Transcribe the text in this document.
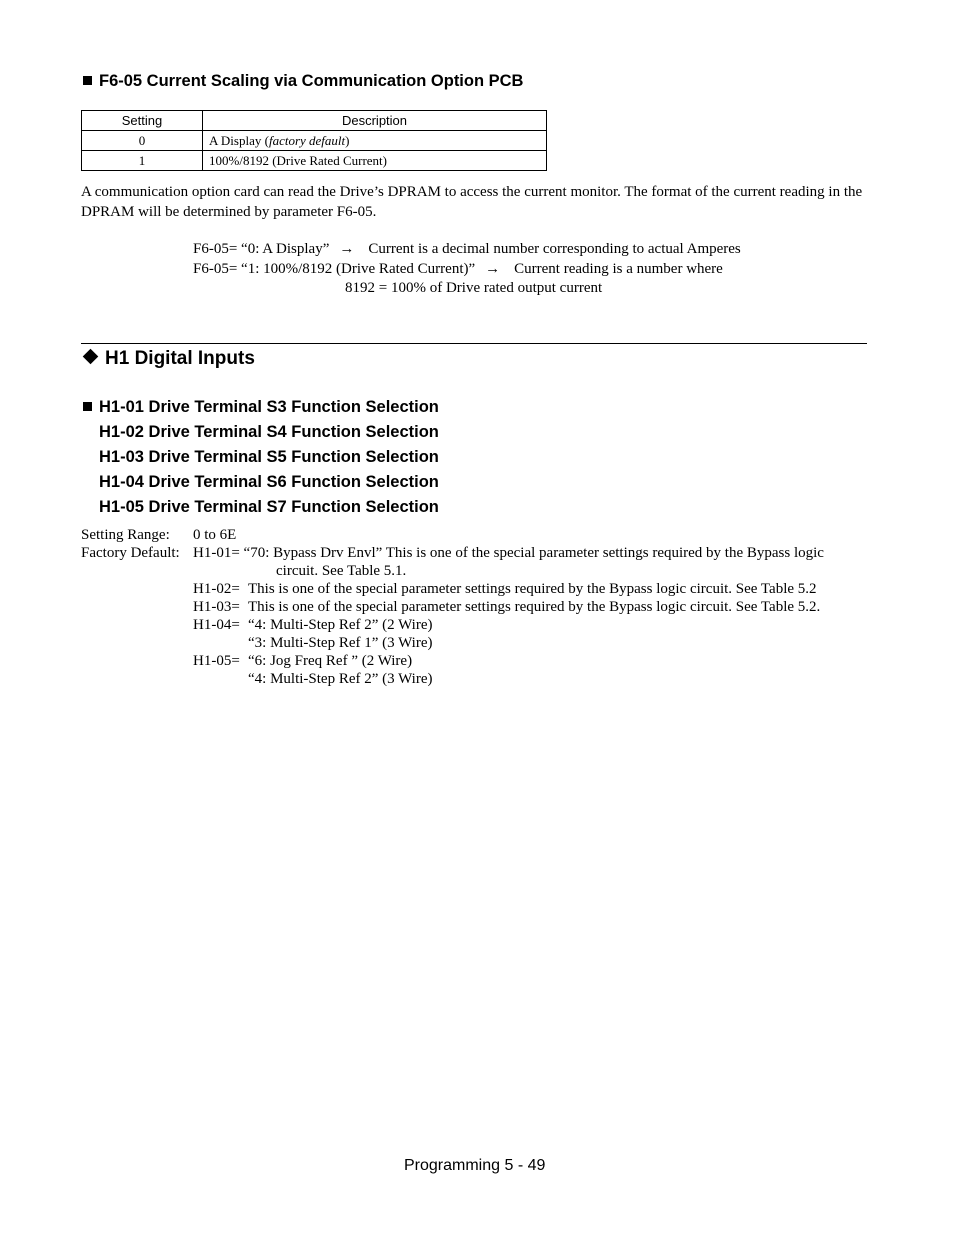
F6-05 Current Scaling via Communication Option PCB
Setting	Description
0	A Display (factory default)
1	100%/8192 (Drive Rated Current)
A communication option card can read the Drive’s DPRAM to access the current monitor. The format of the current reading in the DPRAM will be determined by parameter F6-05.
F6-05= “0: A Display” → Current is a decimal number corresponding to actual Amperes
F6-05= “1: 100%/8192 (Drive Rated Current)” → Current reading is a number where
8192 = 100% of Drive rated output current
H1 Digital Inputs
H1-01 Drive Terminal S3 Function Selection
H1-02 Drive Terminal S4 Function Selection
H1-03 Drive Terminal S5 Function Selection
H1-04 Drive Terminal S6 Function Selection
H1-05 Drive Terminal S7 Function Selection
Setting Range: 0 to 6E
Factory Default: H1-01= “70: Bypass Drv Envl” This is one of the special parameter settings required by the Bypass logic
circuit. See Table 5.1.
H1-02= This is one of the special parameter settings required by the Bypass logic circuit. See Table 5.2
H1-03= This is one of the special parameter settings required by the Bypass logic circuit. See Table 5.2.
H1-04= “4: Multi-Step Ref 2” (2 Wire)
“3: Multi-Step Ref 1” (3 Wire)
H1-05= “6: Jog Freq Ref ” (2 Wire)
“4: Multi-Step Ref 2” (3 Wire)
Programming 5 - 49
